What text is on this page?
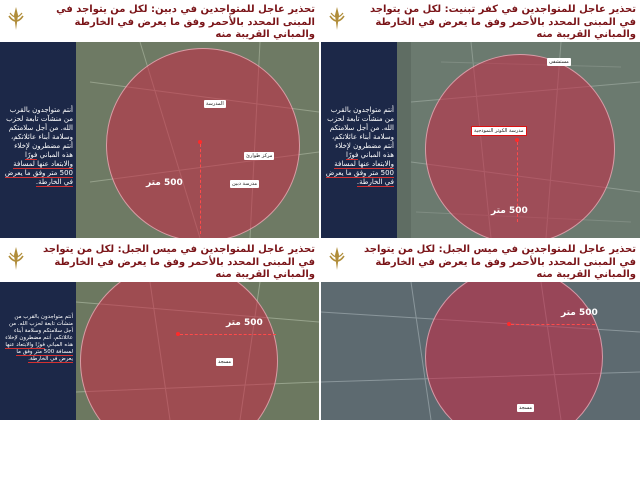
تحذير عاجل للمتواجدين في كفر تبنيت: لكل من يتواجد في المبنى المحدد بالأحمر وفق ما يعرض في الخارطة والمباني القريبة منه
أنتم متواجدون بالقرب من منشآت تابعة لحزب الله. من أجل سلامتكم وسلامة أبناء عائلاتكم، أنتم مضطرون لإخلاء هذه المباني فورًا والابتعاد عنها لمسافة 500 متر وفق ما يعرض في الخارطة.
مستشفى
مدرسة الكوثر النموذجية
500 متر
تحذير عاجل للمتواجدين في دبين: لكل من يتواجد في المبنى المحدد بالأحمر وفق ما يعرض في الخارطة والمباني القريبة منه
أنتم متواجدون بالقرب من منشآت تابعة لحزب الله. من أجل سلامتكم وسلامة أبناء عائلاتكم، أنتم مضطرون لإخلاء هذه المباني فورًا والابتعاد عنها لمسافة 500 متر وفق ما يعرض في الخارطة.
المدرسة
مركز طوارئ
مدرسة دبين
500 متر
تحذير عاجل للمتواجدين في ميس الجبل: لكل من يتواجد في المبنى المحدد بالأحمر وفق ما يعرض في الخارطة والمباني القريبة منه
500 متر
مسجد
تحذير عاجل للمتواجدين في ميس الجبل: لكل من يتواجد في المبنى المحدد بالأحمر وفق ما يعرض في الخارطة والمباني القريبة منه
أنتم متواجدون بالقرب من منشآت تابعة لحزب الله. من أجل سلامتكم وسلامة أبناء عائلاتكم، أنتم مضطرون لإخلاء هذه المباني فورًا والابتعاد عنها لمسافة 500 متر وفق ما يعرض في الخارطة.
500 متر
مسجد
